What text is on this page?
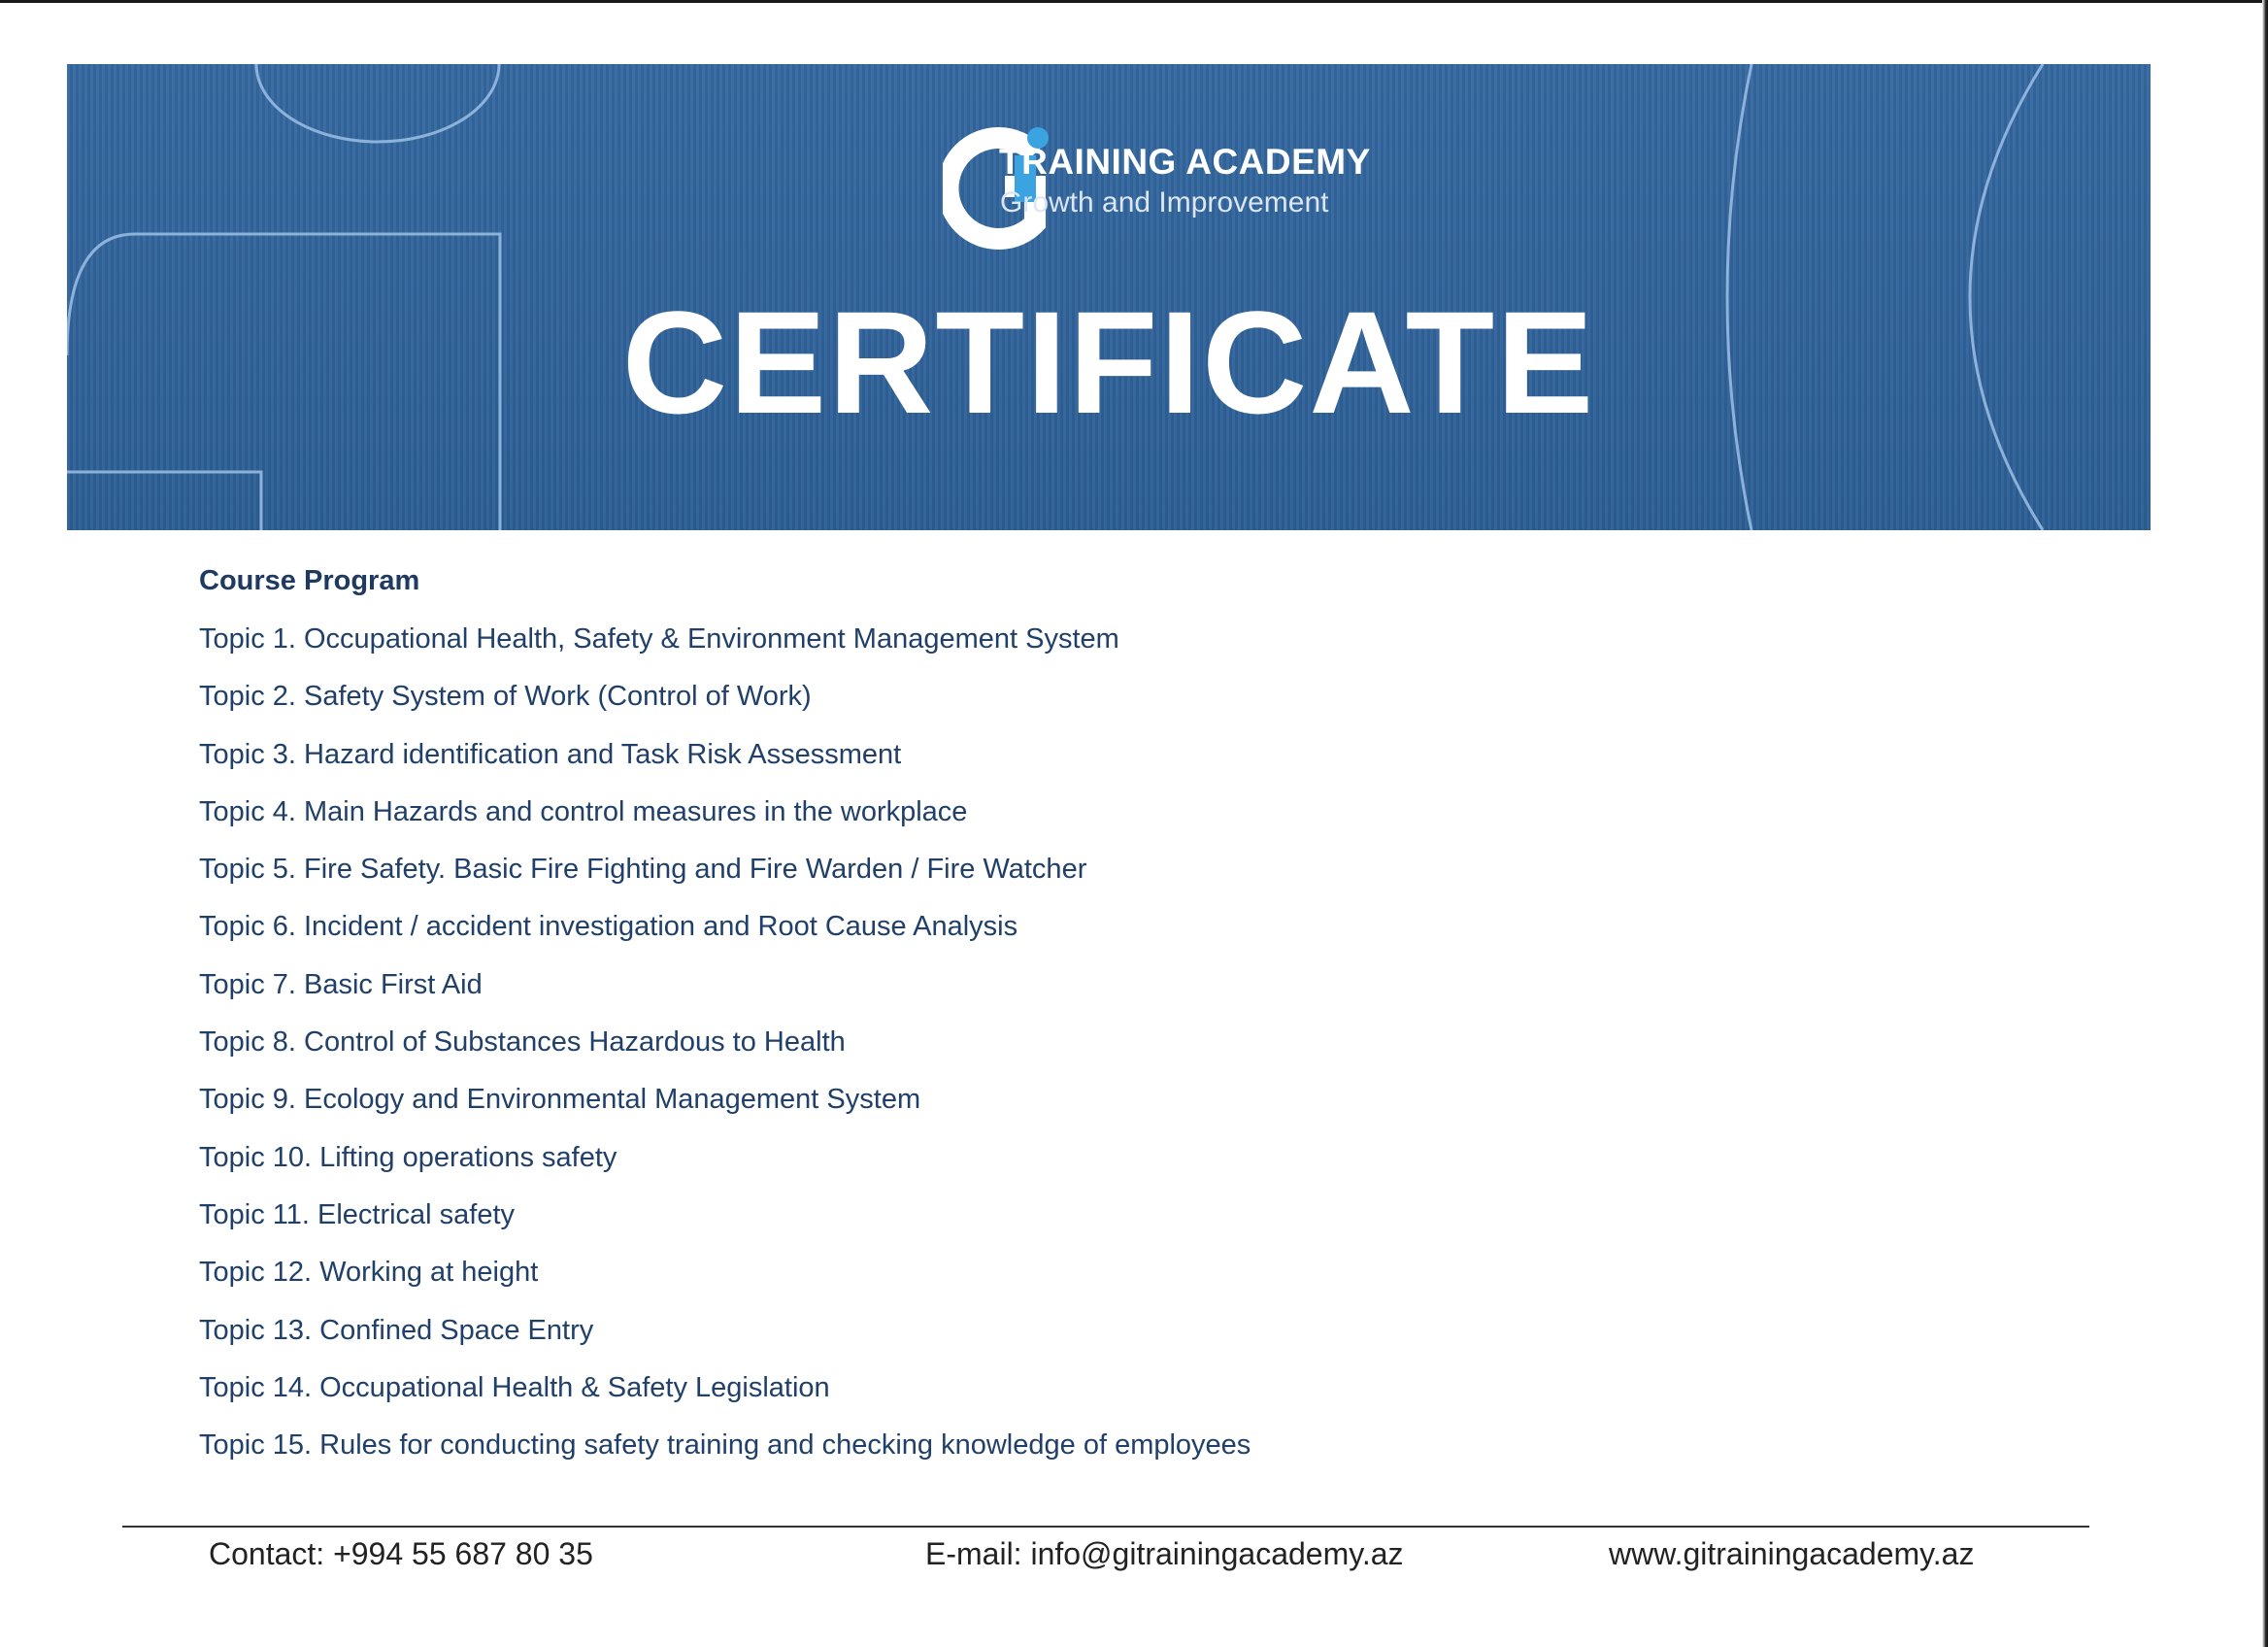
TRAINING ACADEMY
Growth and Improvement
CERTIFICATE
Course Program
Topic 1. Occupational Health, Safety & Environment Management System
Topic 2. Safety System of Work (Control of Work)
Topic 3. Hazard identification and Task Risk Assessment
Topic 4. Main Hazards and control measures in the workplace
Topic 5. Fire Safety. Basic Fire Fighting and Fire Warden / Fire Watcher
Topic 6. Incident / accident investigation and Root Cause Analysis
Topic 7. Basic First Aid
Topic 8. Control of Substances Hazardous to Health
Topic 9. Ecology and Environmental Management System
Topic 10. Lifting operations safety
Topic 11. Electrical safety
Topic 12. Working at height
Topic 13. Confined Space Entry
Topic 14. Occupational Health & Safety Legislation
Topic 15. Rules for conducting safety training and checking knowledge of employees
Contact: +994 55 687 80 35	E-mail: info@gitrainingacademy.az	www.gitrainingacademy.az
